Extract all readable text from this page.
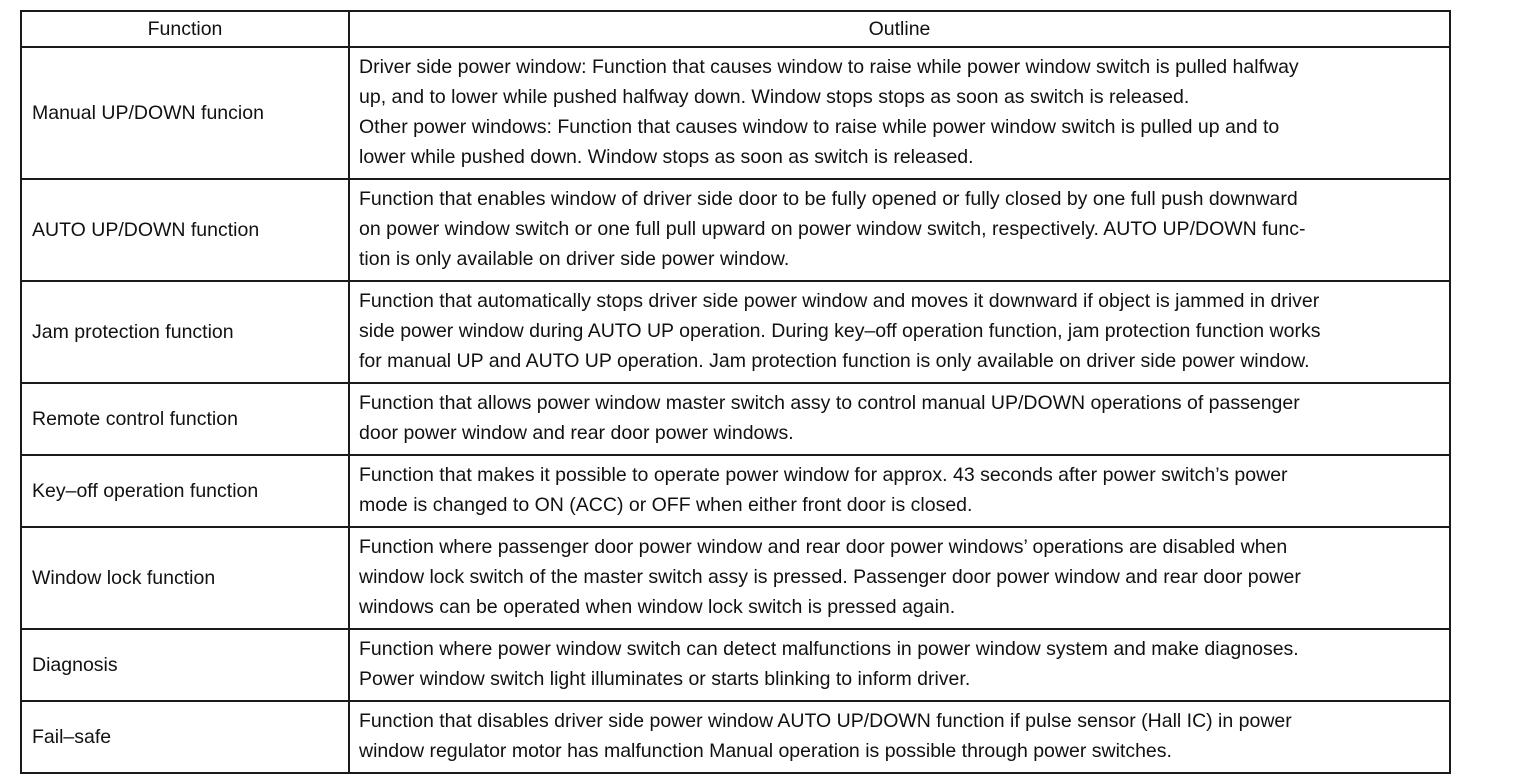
Function	Outline
Manual UP/DOWN funcion	Driver side power window: Function that causes window to raise while power window switch is pulled halfway
up, and to lower while pushed halfway down. Window stops stops as soon as switch is released.
Other power windows: Function that causes window to raise while power window switch is pulled up and to
lower while pushed down. Window stops as soon as switch is released.

AUTO UP/DOWN function	Function that enables window of driver side door to be fully opened or fully closed by one full push downward
on power window switch or one full pull upward on power window switch, respectively. AUTO UP/DOWN func-
tion is only available on driver side power window.

Jam protection function	Function that automatically stops driver side power window and moves it downward if object is jammed in driver
side power window during AUTO UP operation. During key–off operation function, jam protection function works
for manual UP and AUTO UP operation. Jam protection function is only available on driver side power window.

Remote control function	Function that allows power window master switch assy to control manual UP/DOWN operations of passenger
door power window and rear door power windows.

Key–off operation function	Function that makes it possible to operate power window for approx. 43 seconds after power switch’s power
mode is changed to ON (ACC) or OFF when either front door is closed.

Window lock function	Function where passenger door power window and rear door power windows’ operations are disabled when
window lock switch of the master switch assy is pressed. Passenger door power window and rear door power
windows can be operated when window lock switch is pressed again.

Diagnosis	Function where power window switch can detect malfunctions in power window system and make diagnoses.
Power window switch light illuminates or starts blinking to inform driver.

Fail–safe	Function that disables driver side power window AUTO UP/DOWN function if pulse sensor (Hall IC) in power
window regulator motor has malfunction Manual operation is possible through power switches.
